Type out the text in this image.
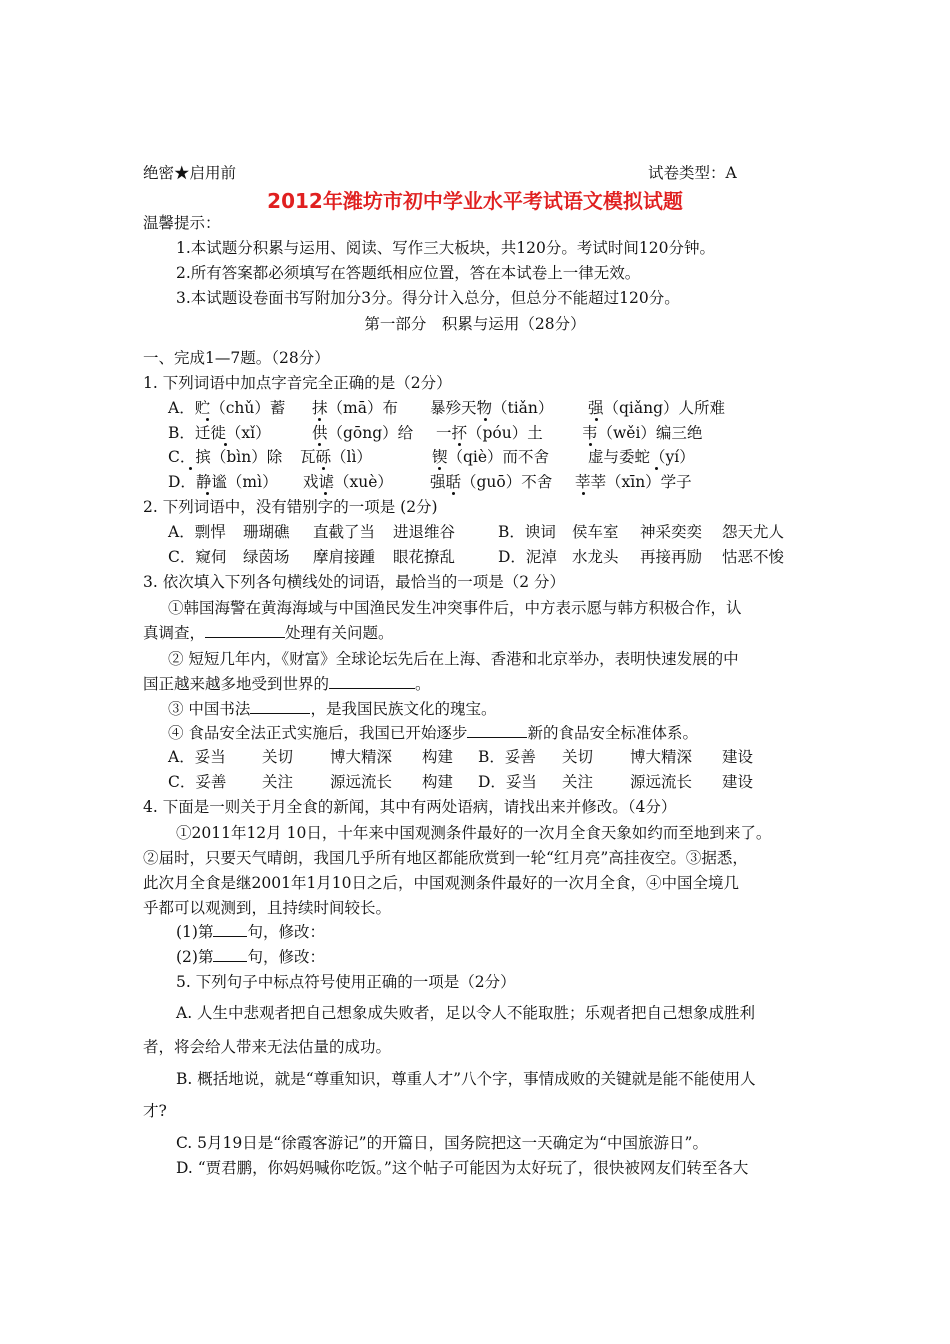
绝密★启用前	试卷类型：A
2012年潍坊市初中学业水平考试语文模拟试题
温馨提示：
1.本试题分积累与运用、阅读、写作三大板块，共120分。考试时间120分钟。
2.所有答案都必须填写在答题纸相应位置，答在本试卷上一律无效。
3.本试题设卷面书写附加分3分。得分计入总分，但总分不能超过120分。
第一部分　积累与运用（28分）
一、完成1—7题。（28分）
1. 下列词语中加点字音完全正确的是（2分）
A．贮（chǔ）蓄 抹（mā）布 暴殄天物（tiǎn） 强（qiǎng）人所难
B．迁徙（xǐ）	供（gōng）给 一抔（póu）土	韦（wěi）编三绝
C．摈（bìn）除 瓦砾（lì）	锲（qiè）而不舍	虚与委蛇（yí）
D．静谧（mì） 戏谑（xuè） 强聒（guō）不舍 莘莘（xīn）学子
2. 下列词语中，没有错别字的一项是 (2分)
A．剽悍 珊瑚礁 直截了当 进退维谷	B．谀词 侯车室 神采奕奕 怨天尤人
C．窥伺 绿茵场 摩肩接踵 眼花撩乱	D．泥淖 水龙头 再接再励 怙恶不悛
3. 依次填入下列各句横线处的词语，最恰当的一项是（2 分）
①韩国海警在黄海海域与中国渔民发生冲突事件后，中方表示愿与韩方积极合作，认
真调查，	处理有关问题。
② 短短几年内，《财富》全球论坛先后在上海、香港和北京举办，表明快速发展的中
国正越来越多地受到世界的	。
③ 中国书法	，是我国民族文化的瑰宝。
④ 食品安全法正式实施后，我国已开始逐步	新的食品安全标准体系。
A．妥当 关切 博大精深 构建 B．妥善 关切 博大精深 建设
C．妥善 关注 源远流长 构建 D．妥当 关注 源远流长 建设
4. 下面是一则关于月全食的新闻，其中有两处语病，请找出来并修改。（4分）
①2011年12月 10日，十年来中国观测条件最好的一次月全食天象如约而至地到来了。
②届时，只要天气晴朗，我国几乎所有地区都能欣赏到一轮“红月亮”高挂夜空。③据悉，
此次月全食是继2001年1月10日之后，中国观测条件最好的一次月全食，④中国全境几
乎都可以观测到，且持续时间较长。
(1)第 句，修改：
(2)第 句，修改：
5. 下列句子中标点符号使用正确的一项是（2分）
A. 人生中悲观者把自己想象成失败者，足以令人不能取胜；乐观者把自己想象成胜利
者，将会给人带来无法估量的成功。
B. 概括地说，就是“尊重知识，尊重人才”八个字，事情成败的关键就是能不能使用人
才?
C. 5月19日是“徐霞客游记”的开篇日，国务院把这一天确定为“中国旅游日”。
D. “贾君鹏，你妈妈喊你吃饭。”这个帖子可能因为太好玩了，很快被网友们转至各大
